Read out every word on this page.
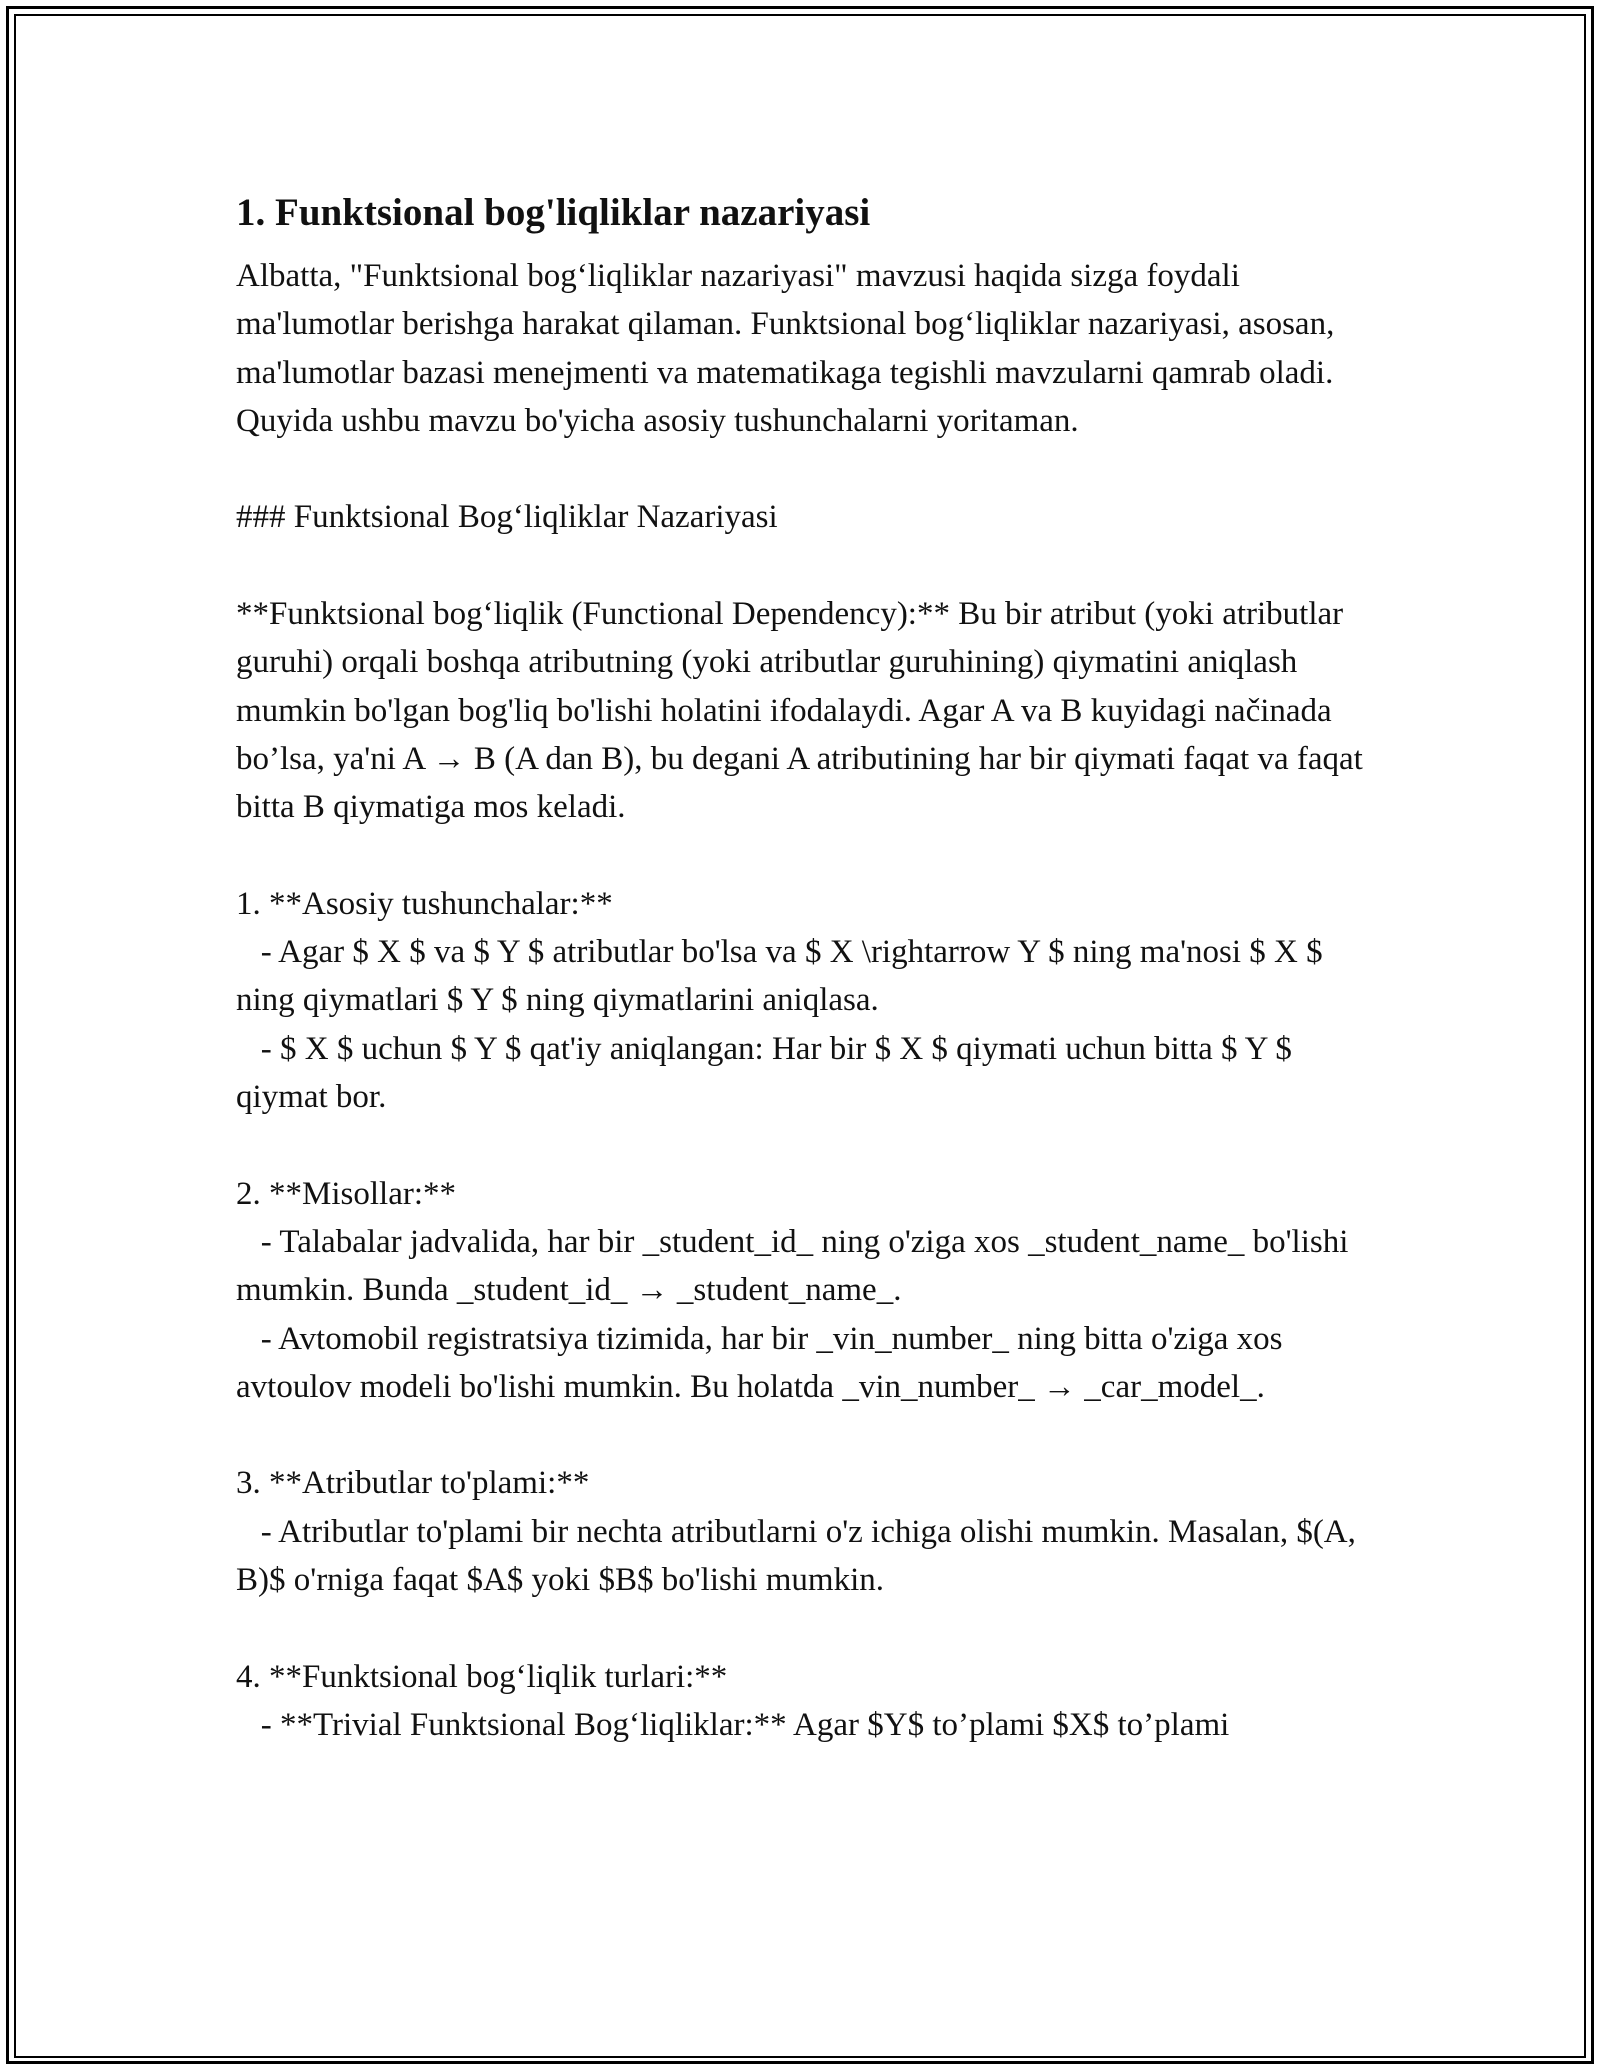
1. Funktsional bog'liqliklar nazariyasi

Albatta, "Funktsional bog‘liqliklar nazariyasi" mavzusi haqida sizga foydali ma'lumotlar berishga harakat qilaman. Funktsional bog‘liqliklar nazariyasi, asosan, ma'lumotlar bazasi menejmenti va matematikaga tegishli mavzularni qamrab oladi. Quyida ushbu mavzu bo'yicha asosiy tushunchalarni yoritaman.

### Funktsional Bog‘liqliklar Nazariyasi

**Funktsional bog‘liqlik (Functional Dependency):** Bu bir atribut (yoki atributlar guruhi) orqali boshqa atributning (yoki atributlar guruhining) qiymatini aniqlash mumkin bo'lgan bog'liq bo'lishi holatini ifodalaydi. Agar A va B kuyidagi načinada bo’lsa, ya'ni A → B (A dan B), bu degani A atributining har bir qiymati faqat va faqat bitta B qiymatiga mos keladi.

1. **Asosiy tushunchalar:**

- Agar $ X $ va $ Y $ atributlar bo'lsa va $ X \rightarrow Y $ ning ma'nosi $ X $ ning qiymatlari $ Y $ ning qiymatlarini aniqlasa.

- $ X $ uchun $ Y $ qat'iy aniqlangan: Har bir $ X $ qiymati uchun bitta $ Y $ qiymat bor.

2. **Misollar:**

- Talabalar jadvalida, har bir _student_id_ ning o'ziga xos _student_name_ bo'lishi mumkin. Bunda _student_id_ → _student_name_.

- Avtomobil registratsiya tizimida, har bir _vin_number_ ning bitta o'ziga xos avtoulov modeli bo'lishi mumkin. Bu holatda _vin_number_ → _car_model_.

3. **Atributlar to'plami:**

- Atributlar to'plami bir nechta atributlarni o'z ichiga olishi mumkin. Masalan, $(A, B)$ o'rniga faqat $A$ yoki $B$ bo'lishi mumkin.

4. **Funktsional bog‘liqlik turlari:**

- **Trivial Funktsional Bog‘liqliklar:** Agar $Y$ to’plami $X$ to’plami
